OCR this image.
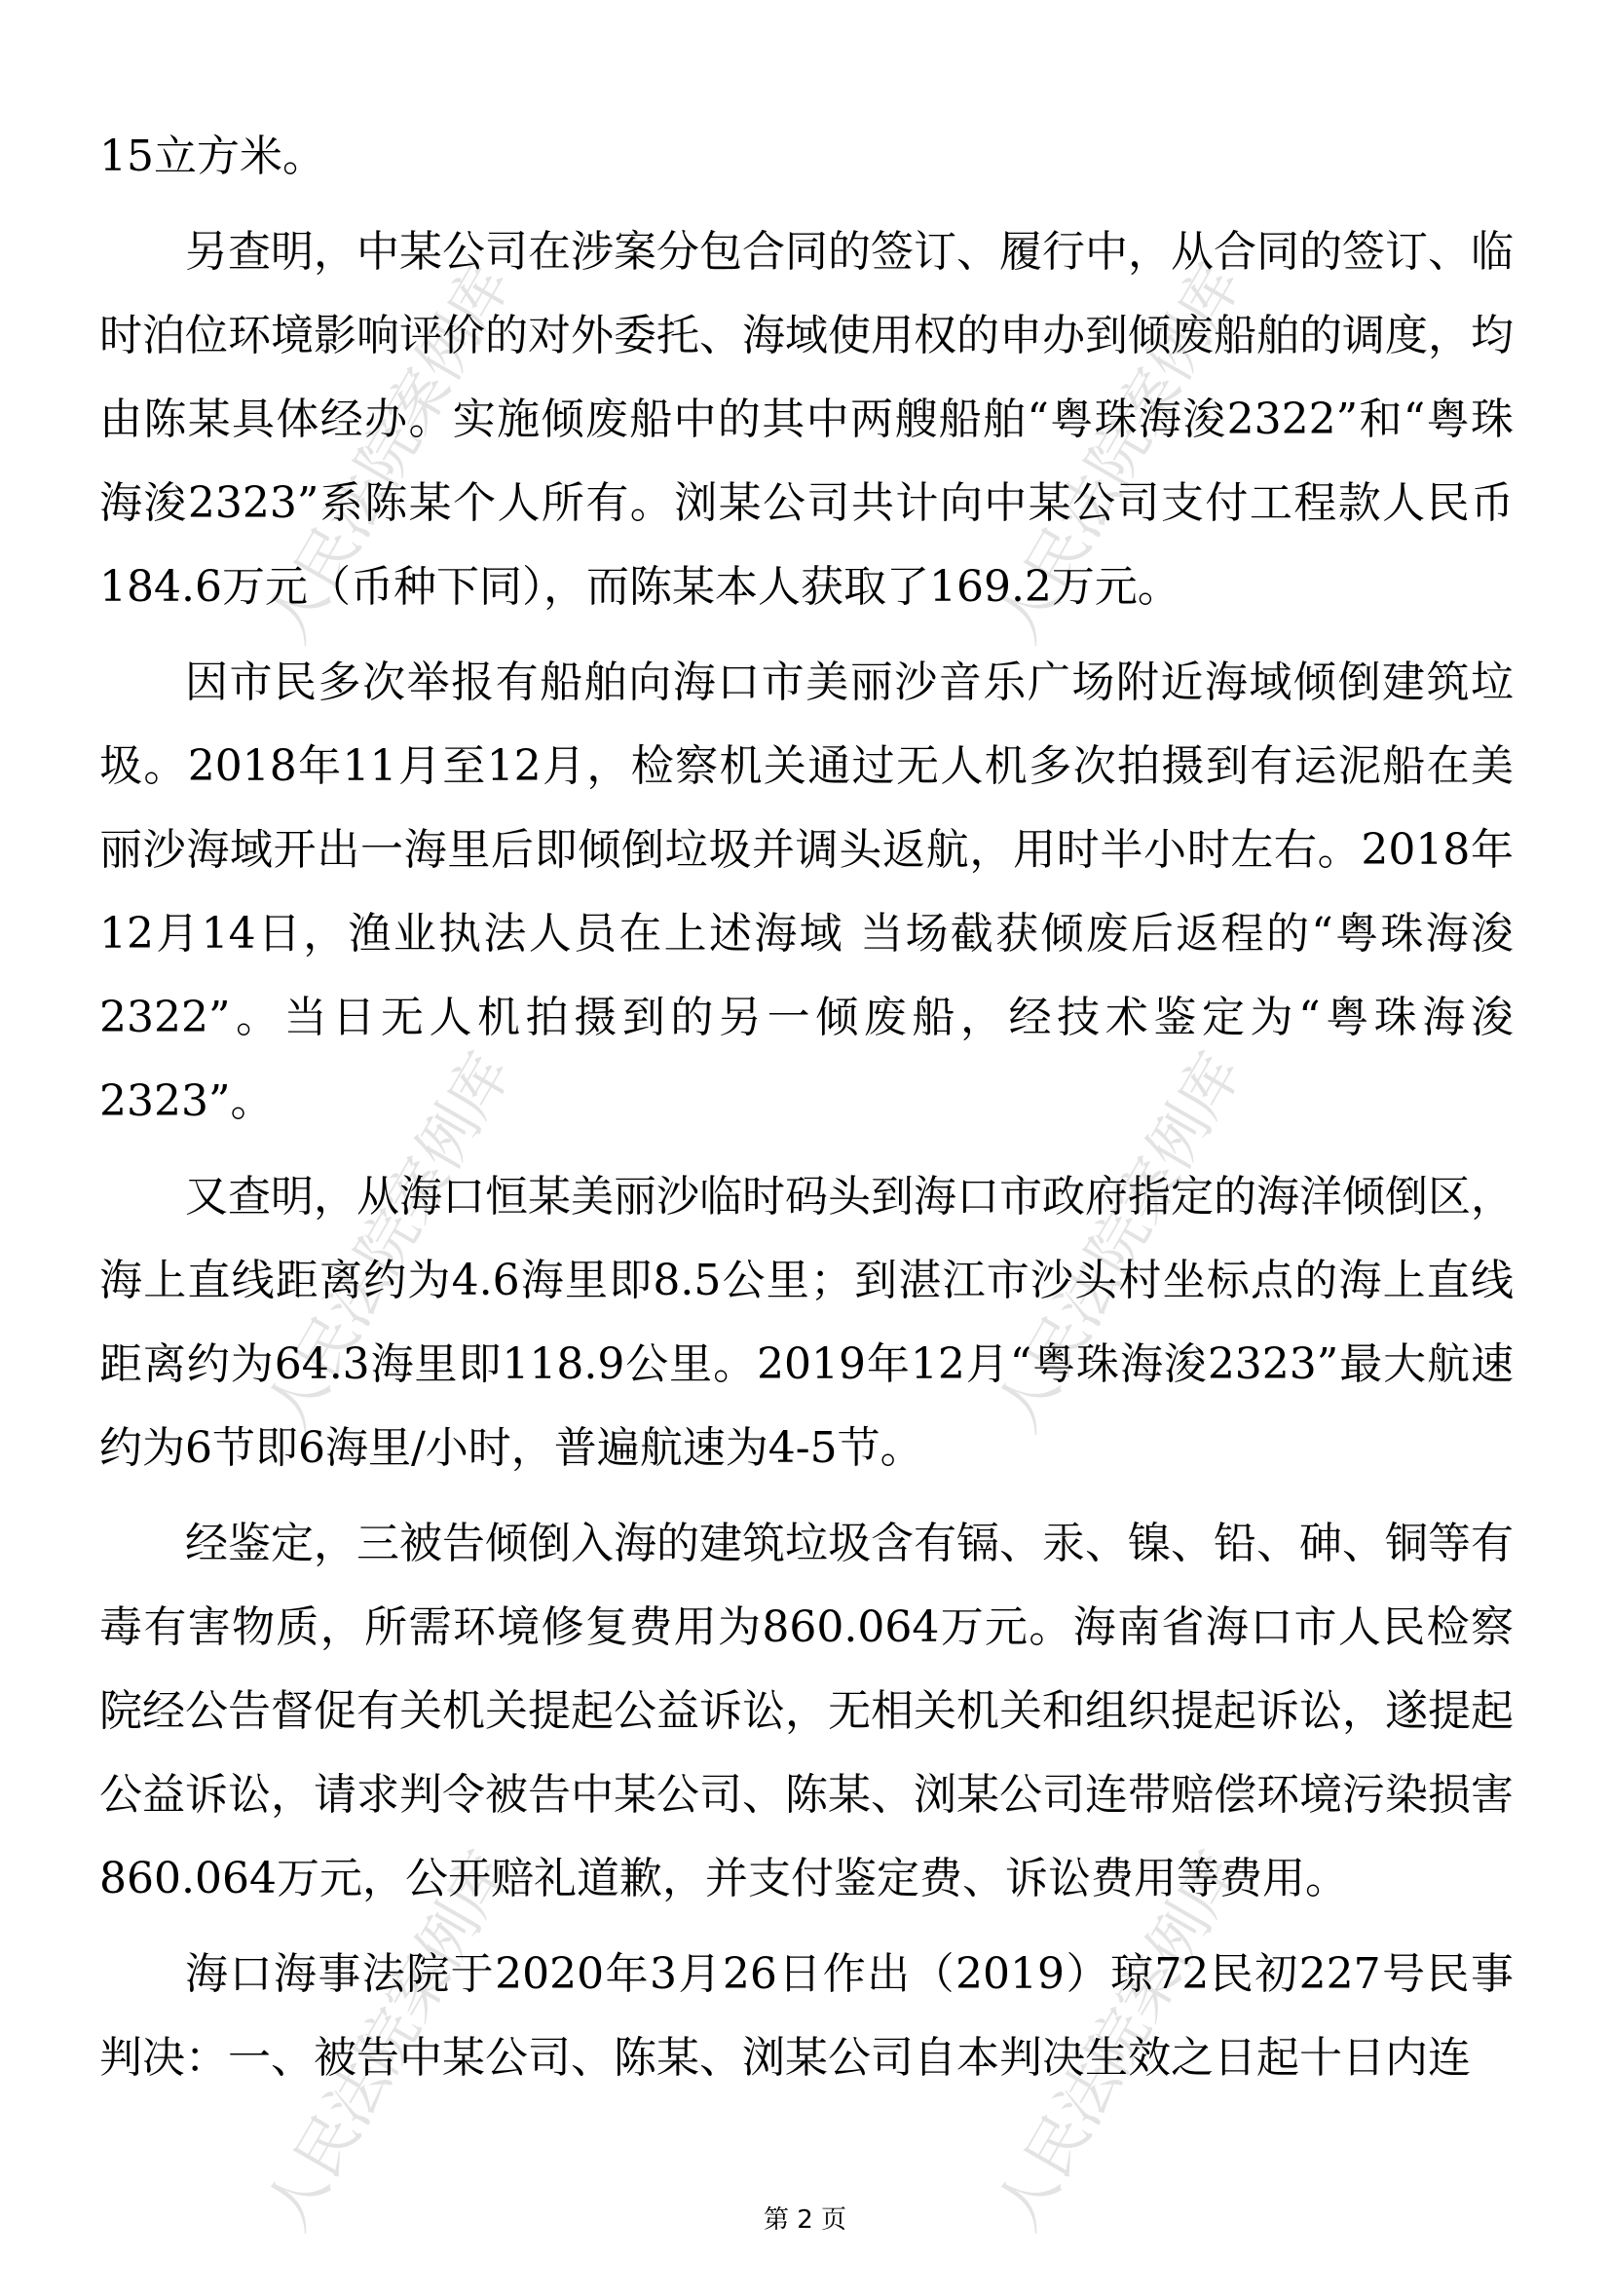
人民法院案例库	人民法院案例库
人民法院案例库	人民法院案例库
人民法院案例库	人民法院案例库

15立方米。

另查明，中某公司在涉案分包合同的签订、履行中，从合同的签订、临时泊位环境影响评价的对外委托、海域使用权的申办到倾废船舶的调度，均由陈某具体经办。实施倾废船中的其中两艘船舶“粤珠海浚2322”和“粤珠海浚2323”系陈某个人所有。浏某公司共计向中某公司支付工程款人民币184.6万元（币种下同），而陈某本人获取了169.2万元。

因市民多次举报有船舶向海口市美丽沙音乐广场附近海域倾倒建筑垃圾。2018年11月至12月，检察机关通过无人机多次拍摄到有运泥船在美丽沙海域开出一海里后即倾倒垃圾并调头返航，用时半小时左右。2018年12月14日，渔业执法人员在上述海域 当场截获倾废后返程的“粤珠海浚2322”。当日无人机拍摄到的另一倾废船，经技术鉴定为“粤珠海浚2323”。

又查明，从海口恒某美丽沙临时码头到海口市政府指定的海洋倾倒区，海上直线距离约为4.6海里即8.5公里；到湛江市沙头村坐标点的海上直线距离约为64.3海里即118.9公里。2019年12月“粤珠海浚2323”最大航速约为6节即6海里/小时，普遍航速为4-5节。

经鉴定，三被告倾倒入海的建筑垃圾含有镉、汞、镍、铅、砷、铜等有毒有害物质，所需环境修复费用为860.064万元。海南省海口市人民检察院经公告督促有关机关提起公益诉讼，无相关机关和组织提起诉讼，遂提起公益诉讼，请求判令被告中某公司、陈某、浏某公司连带赔偿环境污染损害860.064万元，公开赔礼道歉，并支付鉴定费、诉讼费用等费用。

海口海事法院于2020年3月26日作出（2019）琼72民初227号民事判决：一、被告中某公司、陈某、浏某公司自本判决生效之日起十日内连

第 2 页
